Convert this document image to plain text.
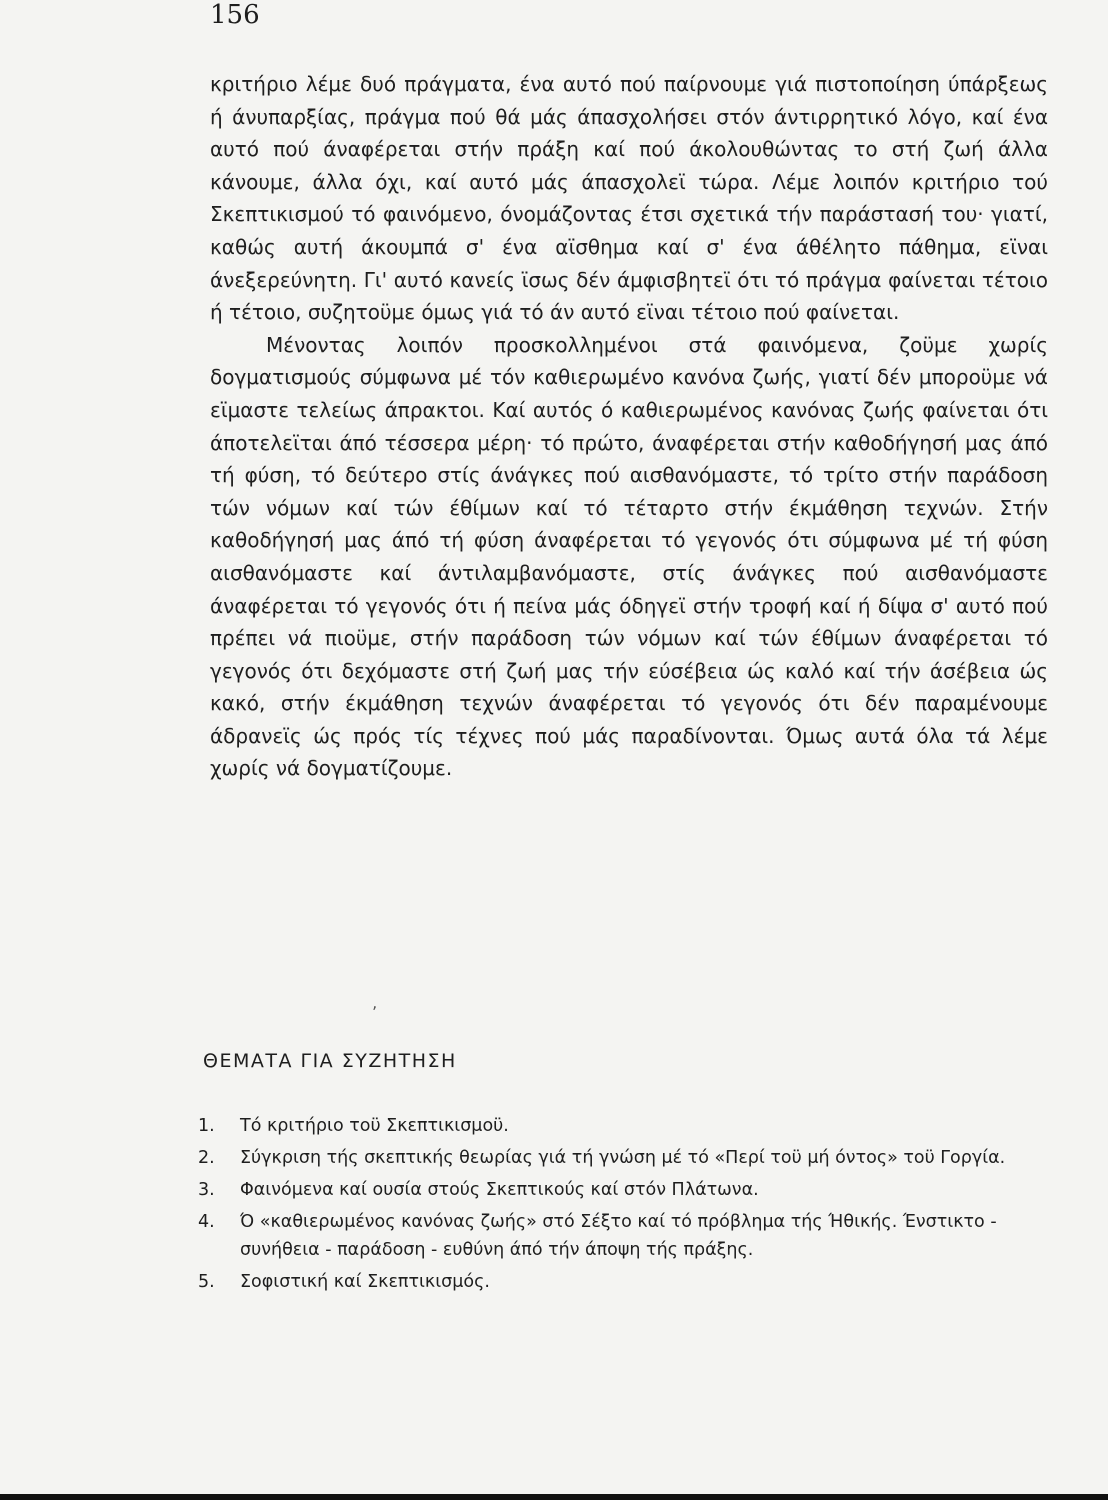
156

κριτήριο λέμε δυό πράγματα, ένα αυτό πού παίρνουμε γιά πιστοποίηση ύπάρξεως ή άνυπαρξίας, πράγμα πού θά μάς άπασχολήσει στόν άντιρρητικό λόγο, καί ένα αυτό πού άναφέρεται στήν πράξη καί πού άκολουθώντας το στή ζωή άλλα κάνουμε, άλλα όχι, καί αυτό μάς άπασχολεϊ τώρα. Λέμε λοιπόν κριτήριο τού Σκεπτικισμού τό φαινόμενο, όνομάζοντας έτσι σχετικά τήν παράστασή του· γιατί, καθώς αυτή άκουμπά σ' ένα αϊσθημα καί σ' ένα άθέλητο πάθημα, εϊναι άνεξερεύνητη. Γι' αυτό κανείς ϊσως δέν άμφισβητεϊ ότι τό πράγμα φαίνεται τέτοιο ή τέτοιο, συζητοϋμε όμως γιά τό άν αυτό εϊναι τέτοιο πού φαίνεται.

Μένοντας λοιπόν προσκολλημένοι στά φαινόμενα, ζοϋμε χωρίς δογματισμούς σύμφωνα μέ τόν καθιερωμένο κανόνα ζωής, γιατί δέν μποροϋμε νά εϊμαστε τελείως άπρακτοι. Καί αυτός ό καθιερωμένος κανόνας ζωής φαίνεται ότι άποτελεϊται άπό τέσσερα μέρη· τό πρώτο, άναφέρεται στήν καθοδήγησή μας άπό τή φύση, τό δεύτερο στίς άνάγκες πού αισθανόμαστε, τό τρίτο στήν παράδοση τών νόμων καί τών έθίμων καί τό τέταρτο στήν έκμάθηση τεχνών. Στήν καθοδήγησή μας άπό τή φύση άναφέρεται τό γεγονός ότι σύμφωνα μέ τή φύση αισθανόμαστε καί άντιλαμβανόμαστε, στίς άνάγκες πού αισθανόμαστε άναφέρεται τό γεγονός ότι ή πείνα μάς όδηγεϊ στήν τροφή καί ή δίψα σ' αυτό πού πρέπει νά πιοϋμε, στήν παράδοση τών νόμων καί τών έθίμων άναφέρεται τό γεγονός ότι δεχόμαστε στή ζωή μας τήν εύσέβεια ώς καλό καί τήν άσέβεια ώς κακό, στήν έκμάθηση τεχνών άναφέρεται τό γεγονός ότι δέν παραμένουμε άδρανεϊς ώς πρός τίς τέχνες πού μάς παραδίνονται. Όμως αυτά όλα τά λέμε χωρίς νά δογματίζουμε.

ʼ
ΘΕΜΑΤΑ ΓΙΑ ΣΥΖΗΤΗΣΗ
1.	Τό κριτήριο τοϋ Σκεπτικισμοϋ.
2.	Σύγκριση τής σκεπτικής θεωρίας γιά τή γνώση μέ τό «Περί τοϋ μή όντος» τοϋ Γοργία.
3.	Φαινόμενα καί ουσία στούς Σκεπτικούς καί στόν Πλάτωνα.
4.	Ό «καθιερωμένος κανόνας ζωής» στό Σέξτο καί τό πρόβλημα τής Ήθικής. Ένστικτο - συνήθεια - παράδοση - ευθύνη άπό τήν άποψη τής πράξης.
5.	Σοφιστική καί Σκεπτικισμός.
